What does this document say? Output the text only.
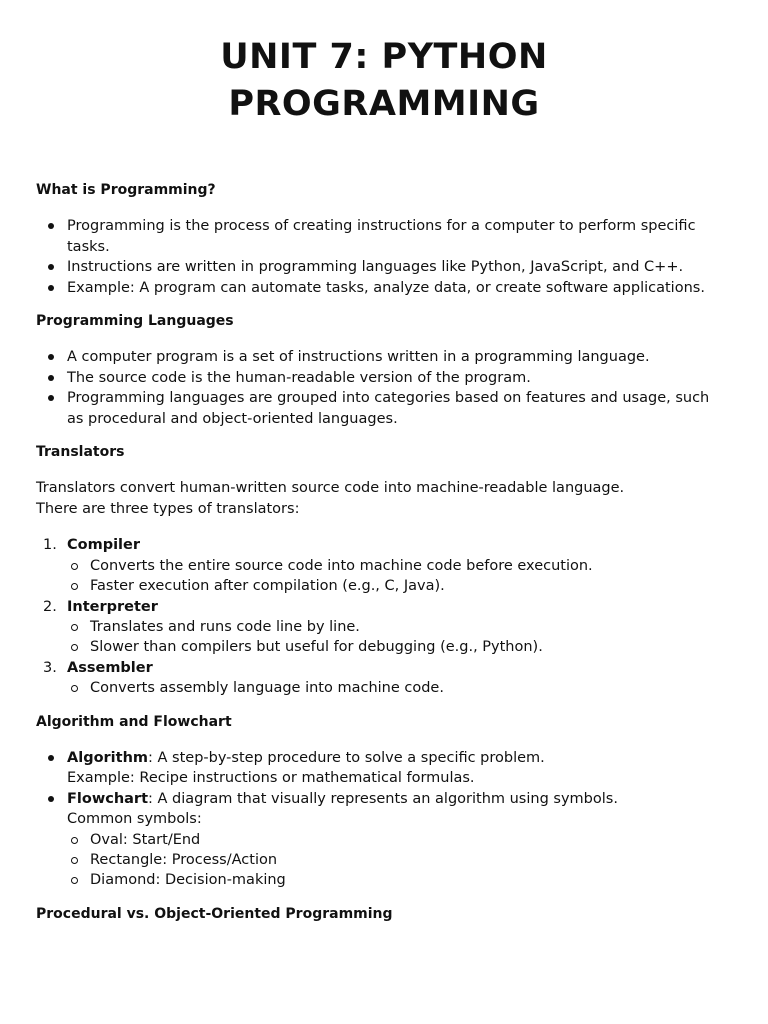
UNIT 7: PYTHON
PROGRAMMING

What is Programming?

Programming is the process of creating instructions for a computer to perform specific tasks.
Instructions are written in programming languages like Python, JavaScript, and C++.
Example: A program can automate tasks, analyze data, or create software applications.

Programming Languages

A computer program is a set of instructions written in a programming language.
The source code is the human-readable version of the program.
Programming languages are grouped into categories based on features and usage, such as procedural and object-oriented languages.

Translators

Translators convert human-written source code into machine-readable language.
There are three types of translators:

1. Compiler
Converts the entire source code into machine code before execution.
Faster execution after compilation (e.g., C, Java).
2. Interpreter
Translates and runs code line by line.
Slower than compilers but useful for debugging (e.g., Python).
3. Assembler
Converts assembly language into machine code.

Algorithm and Flowchart

Algorithm: A step-by-step procedure to solve a specific problem.
Example: Recipe instructions or mathematical formulas.
Flowchart: A diagram that visually represents an algorithm using symbols.
Common symbols:
Oval: Start/End
Rectangle: Process/Action
Diamond: Decision-making

Procedural vs. Object-Oriented Programming
